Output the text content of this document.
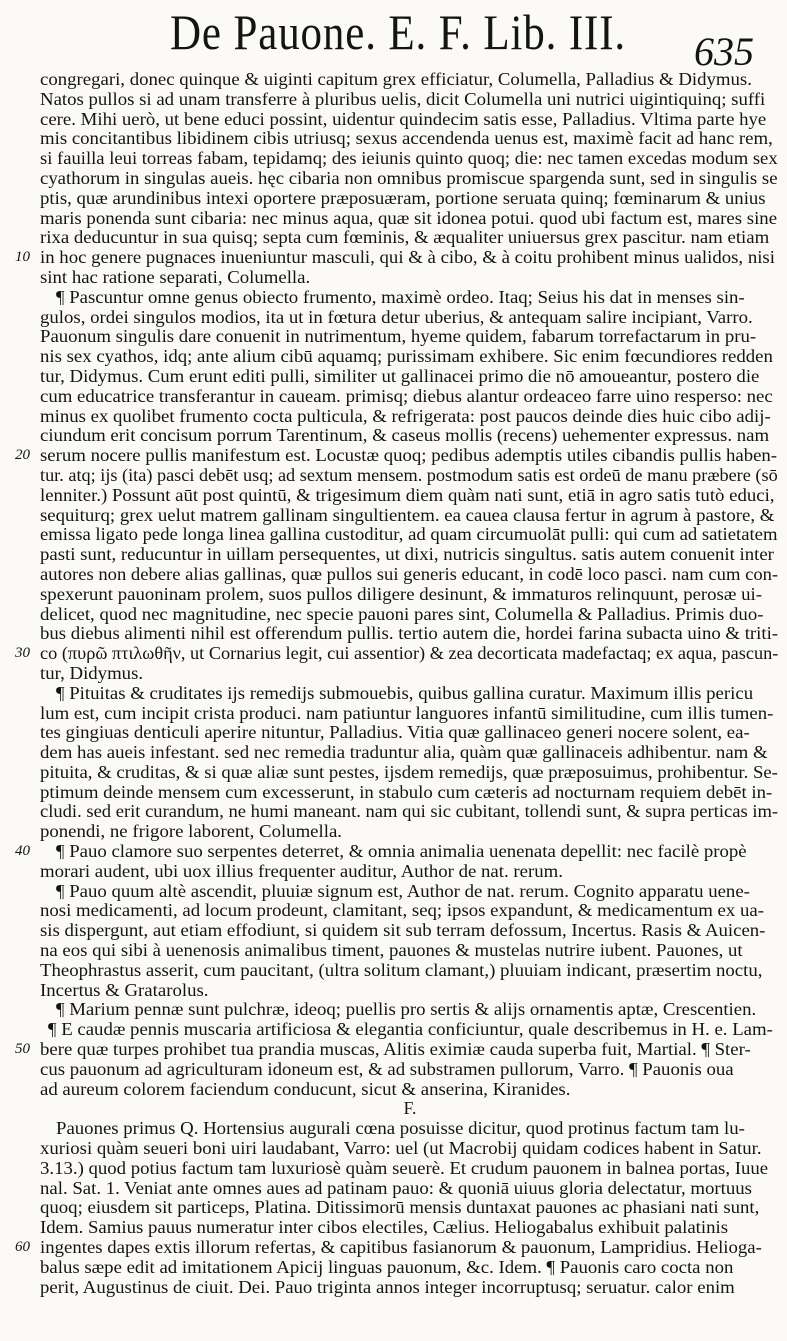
De Pauone. E. F. Lib. III. 635
congregari, donec quinque & uiginti capitum grex efficiatur, Columella, Palladius & Didymus.
Natos pullos si ad unam transferre à pluribus uelis, dicit Columella uni nutrici uigintiquinq; suffi
cere. Mihi uerò, ut bene educi possint, uidentur quindecim satis esse, Palladius. Vltima parte hye
mis concitantibus libidinem cibis utriusq; sexus accendenda uenus est, maximè facit ad hanc rem,
si fauilla leui torreas fabam, tepidamq; des ieiunis quinto quoq; die: nec tamen excedas modum sex
cyathorum in singulas aueis. hęc cibaria non omnibus promiscue spargenda sunt, sed in singulis se
ptis, quæ arundinibus intexi oportere præposuæram, portione seruata quinq; fœminarum & unius
maris ponenda sunt cibaria: nec minus aqua, quæ sit idonea potui. quod ubi factum est, mares sine
rixa deducuntur in sua quisq; septa cum fœminis, & æqualiter uniuersus grex pascitur. nam etiam
10 in hoc genere pugnaces inueniuntur masculi, qui & à cibo, & à coitu prohibent minus ualidos, nisi
sint hac ratione separati, Columella.
¶ Pascuntur omne genus obiecto frumento, maximè ordeo. Itaq; Seius his dat in menses sin-
gulos, ordei singulos modios, ita ut in fœtura detur uberius, & antequam salire incipiant, Varro.
Pauonum singulis dare conuenit in nutrimentum, hyeme quidem, fabarum torrefactarum in pru-
nis sex cyathos, idq; ante alium cibū aquamq; purissimam exhibere. Sic enim fœcundiores redden
tur, Didymus. Cum erunt editi pulli, similiter ut gallinacei primo die nō amoueantur, postero die
cum educatrice transferantur in caueam. primisq; diebus alantur ordeaceo farre uino resperso: nec
minus ex quolibet frumento cocta pulticula, & refrigerata: post paucos deinde dies huic cibo adij-
ciundum erit concisum porrum Tarentinum, & caseus mollis (recens) uehementer expressus. nam
20 serum nocere pullis manifestum est. Locustæ quoq; pedibus ademptis utiles cibandis pullis haben-
tur. atq; ijs (ita) pasci debēt usq; ad sextum mensem. postmodum satis est ordeū de manu præbere (sō
lenniter.) Possunt aūt post quintū, & trigesimum diem quàm nati sunt, etiā in agro satis tutò educi,
sequiturq; grex uelut matrem gallinam singultientem. ea cauea clausa fertur in agrum à pastore, &
emissa ligato pede longa linea gallina custoditur, ad quam circumuolāt pulli: qui cum ad satietatem
pasti sunt, reducuntur in uillam persequentes, ut dixi, nutricis singultus. satis autem conuenit inter
autores non debere alias gallinas, quæ pullos sui generis educant, in codē loco pasci. nam cum con-
spexerunt pauoninam prolem, suos pullos diligere desinunt, & immaturos relinquunt, perosæ ui-
delicet, quod nec magnitudine, nec specie pauoni pares sint, Columella & Palladius. Primis duo-
bus diebus alimenti nihil est offerendum pullis. tertio autem die, hordei farina subacta uino & triti-
30 co (πυρῶ πτιλωθῆν, ut Cornarius legit, cui assentior) & zea decorticata madefactaq; ex aqua, pascun-
tur, Didymus.
¶ Pituitas & cruditates ijs remedijs submouebis, quibus gallina curatur. Maximum illis pericu
lum est, cum incipit crista produci. nam patiuntur languores infantū similitudine, cum illis tumen-
tes gingiuas denticuli aperire nituntur, Palladius. Vitia quæ gallinaceo generi nocere solent, ea-
dem has aueis infestant. sed nec remedia traduntur alia, quàm quæ gallinaceis adhibentur. nam &
pituita, & cruditas, & si quæ aliæ sunt pestes, ijsdem remedijs, quæ præposuimus, prohibentur. Se-
ptimum deinde mensem cum excesserunt, in stabulo cum cæteris ad nocturnam requiem debēt in-
cludi. sed erit curandum, ne humi maneant. nam qui sic cubitant, tollendi sunt, & supra perticas im-
ponendi, ne frigore laborent, Columella.
40 ¶ Pauo clamore suo serpentes deterret, & omnia animalia uenenata depellit: nec facilè propè
morari audent, ubi uox illius frequenter auditur, Author de nat. rerum.
¶ Pauo quum altè ascendit, pluuiæ signum est, Author de nat. rerum. Cognito apparatu uene-
nosi medicamenti, ad locum prodeunt, clamitant, seq; ipsos expandunt, & medicamentum ex ua-
sis dispergunt, aut etiam effodiunt, si quidem sit sub terram defossum, Incertus. Rasis & Auicen-
na eos qui sibi à uenenosis animalibus timent, pauones & mustelas nutrire iubent. Pauones, ut
Theophrastus asserit, cum paucitant, (ultra solitum clamant,) pluuiam indicant, præsertim noctu,
Incertus & Gratarolus.
¶ Marium pennæ sunt pulchræ, ideoq; puellis pro sertis & alijs ornamentis aptæ, Crescentien.
¶ E caudæ pennis muscaria artificiosa & elegantia conficiuntur, quale describemus in H. e. Lam-
50 bere quæ turpes prohibet tua prandia muscas, Alitis eximiæ cauda superba fuit, Martial. ¶ Ster-
cus pauonum ad agriculturam idoneum est, & ad substramen pullorum, Varro. ¶ Pauonis oua
ad aureum colorem faciendum conducunt, sicut & anserina, Kiranides.
F.
Pauones primus Q. Hortensius augurali cœna posuisse dicitur, quod protinus factum tam lu-
xuriosi quàm seueri boni uiri laudabant, Varro: uel (ut Macrobij quidam codices habent in Satur.
3.13.) quod potius factum tam luxuriosè quàm seuerè. Et crudum pauonem in balnea portas, Iuue
nal. Sat. 1. Veniat ante omnes aues ad patinam pauo: & quoniā uiuus gloria delectatur, mortuus
quoq; eiusdem sit particeps, Platina. Ditissimorū mensis duntaxat pauones ac phasiani nati sunt,
Idem. Samius pauus numeratur inter cibos electiles, Cælius. Heliogabalus exhibuit palatinis
60 ingentes dapes extis illorum refertas, & capitibus fasianorum & pauonum, Lampridius. Helioga-
balus sæpe edit ad imitationem Apicij linguas pauonum, &c. Idem. ¶ Pauonis caro cocta non
perit, Augustinus de ciuit. Dei. Pauo triginta annos integer incorruptusq; seruatur. calor enim
